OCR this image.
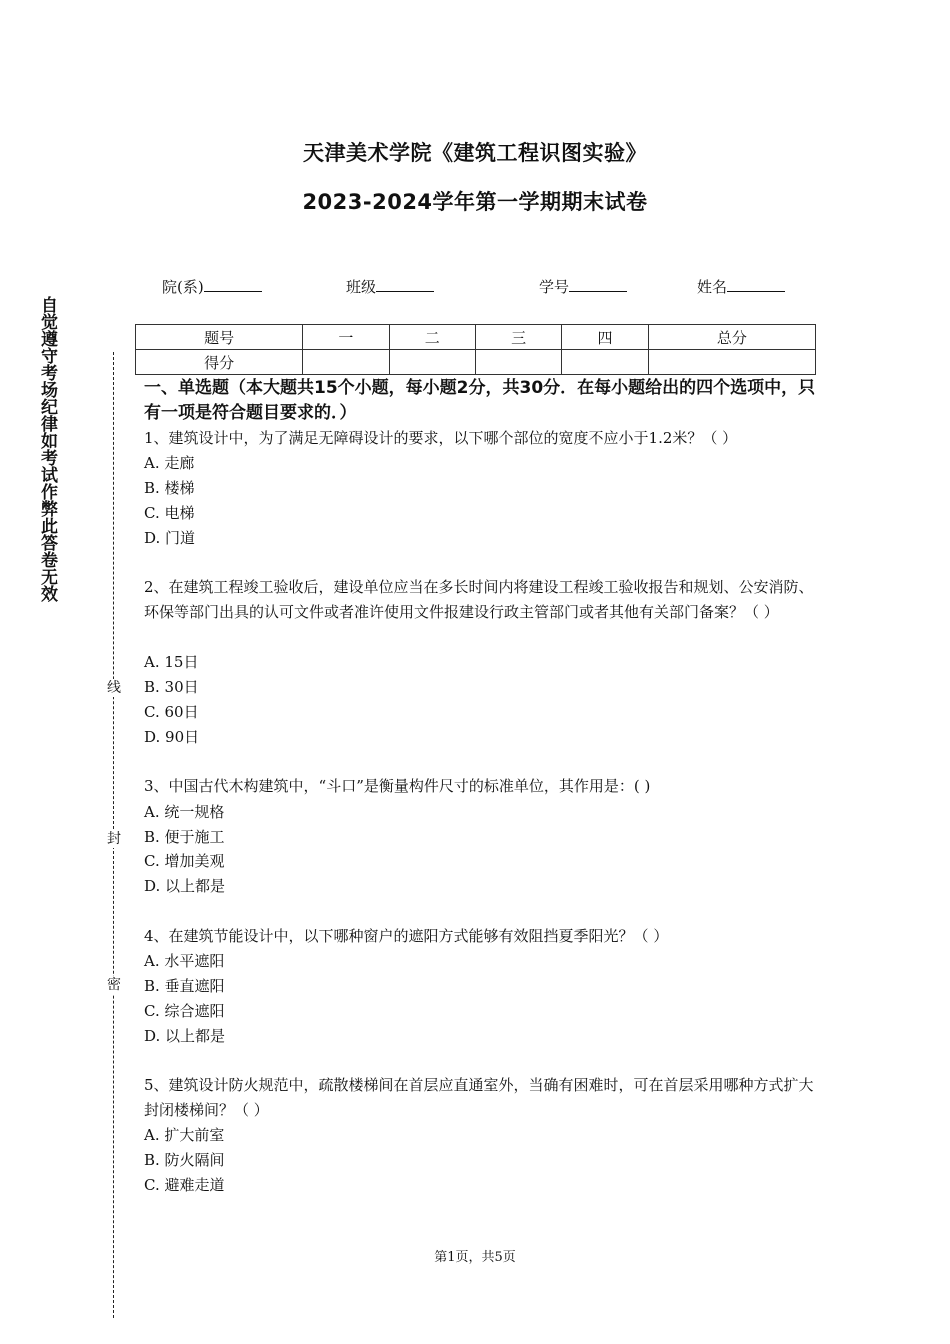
天津美术学院《建筑工程识图实验》
2023-2024学年第一学期期末试卷
院(系)	班级	学号	姓名
题号	一	二	三	四	总分
得分					
自觉遵守考场纪律如考试作弊此答卷无效
线
封
密
一、单选题（本大题共15个小题，每小题2分，共30分．在每小题给出的四个选项中，只有一项是符合题目要求的．）
1、建筑设计中，为了满足无障碍设计的要求，以下哪个部位的宽度不应小于1.2米？（ ）
A. 走廊
B. 楼梯
C. 电梯
D. 门道
2、在建筑工程竣工验收后，建设单位应当在多长时间内将建设工程竣工验收报告和规划、公安消防、环保等部门出具的认可文件或者准许使用文件报建设行政主管部门或者其他有关部门备案？（ ）
A. 15日
B. 30日
C. 60日
D. 90日
3、中国古代木构建筑中，“斗口”是衡量构件尺寸的标准单位，其作用是：( )
A. 统一规格
B. 便于施工
C. 增加美观
D. 以上都是
4、在建筑节能设计中，以下哪种窗户的遮阳方式能够有效阻挡夏季阳光？（ ）
A. 水平遮阳
B. 垂直遮阳
C. 综合遮阳
D. 以上都是
5、建筑设计防火规范中，疏散楼梯间在首层应直通室外，当确有困难时，可在首层采用哪种方式扩大封闭楼梯间？（ ）
A. 扩大前室
B. 防火隔间
C. 避难走道
第1页，共5页
